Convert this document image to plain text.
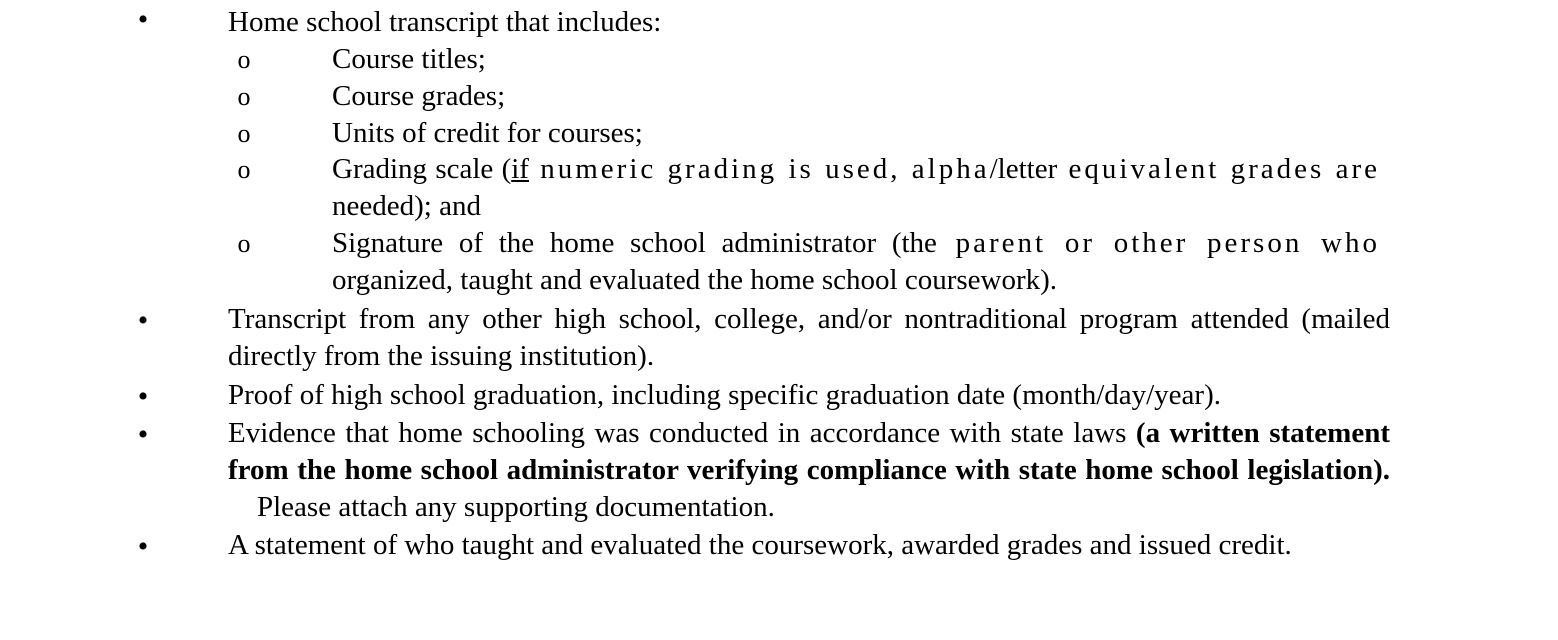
•	Home school transcript that includes:
o	Course titles;
o	Course grades;
o	Units of credit for courses;
o	Grading scale (if numeric grading is used, alpha/letter equivalent grades are needed); and
o	Signature of the home school administrator (the parent or other person who organized, taught and evaluated the home school coursework).
•	Transcript from any other high school, college, and/or nontraditional program attended (mailed directly from the issuing institution).
•	Proof of high school graduation, including specific graduation date (month/day/year).
•	Evidence that home schooling was conducted in accordance with state laws (a written statement from the home school administrator verifying compliance with state home school legislation).    Please attach any supporting documentation.
•	A statement of who taught and evaluated the coursework, awarded grades and issued credit.
